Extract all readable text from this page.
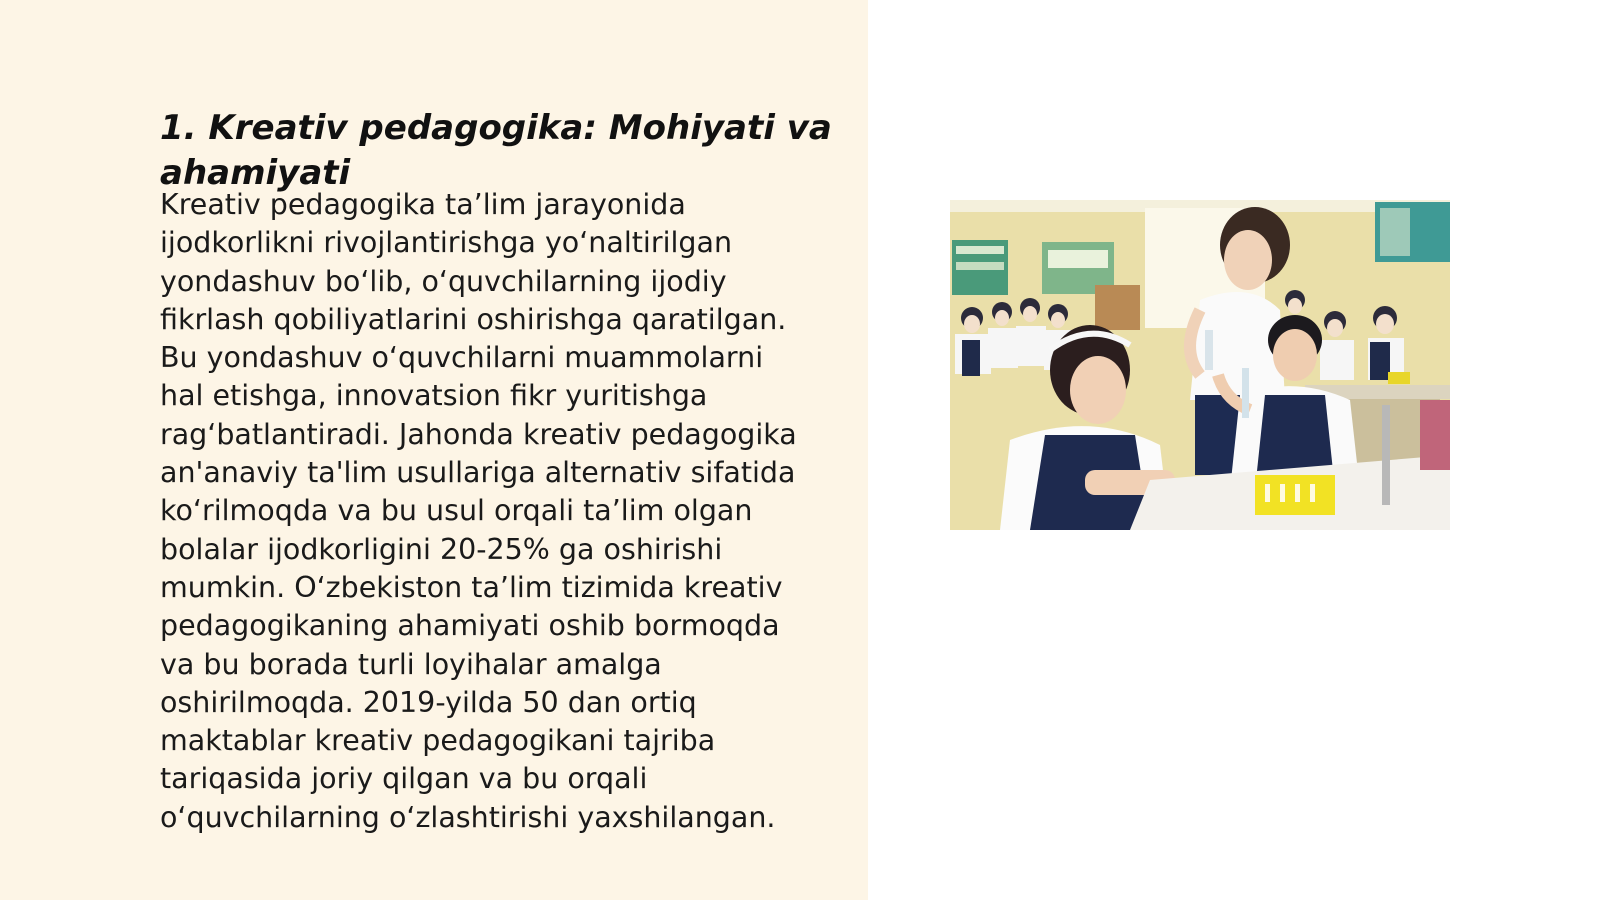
1. Kreativ pedagogika: Mohiyati va ahamiyati
Kreativ pedagogika ta’lim jarayonida
ijodkorlikni rivojlantirishga yo‘naltirilgan
yondashuv bo‘lib, o‘quvchilarning ijodiy
fikrlash qobiliyatlarini oshirishga qaratilgan.
Bu yondashuv o‘quvchilarni muammolarni
hal etishga, innovatsion fikr yuritishga
rag‘batlantiradi. Jahonda kreativ pedagogika
an'anaviy ta'lim usullariga alternativ sifatida
ko‘rilmoqda va bu usul orqali ta’lim olgan
bolalar ijodkorligini 20-25% ga oshirishi
mumkin. O‘zbekiston ta’lim tizimida kreativ
pedagogikaning ahamiyati oshib bormoqda
va bu borada turli loyihalar amalga
oshirilmoqda. 2019-yilda 50 dan ortiq
maktablar kreativ pedagogikani tajriba
tariqasida joriy qilgan va bu orqali
o‘quvchilarning o‘zlashtirishi yaxshilangan.
